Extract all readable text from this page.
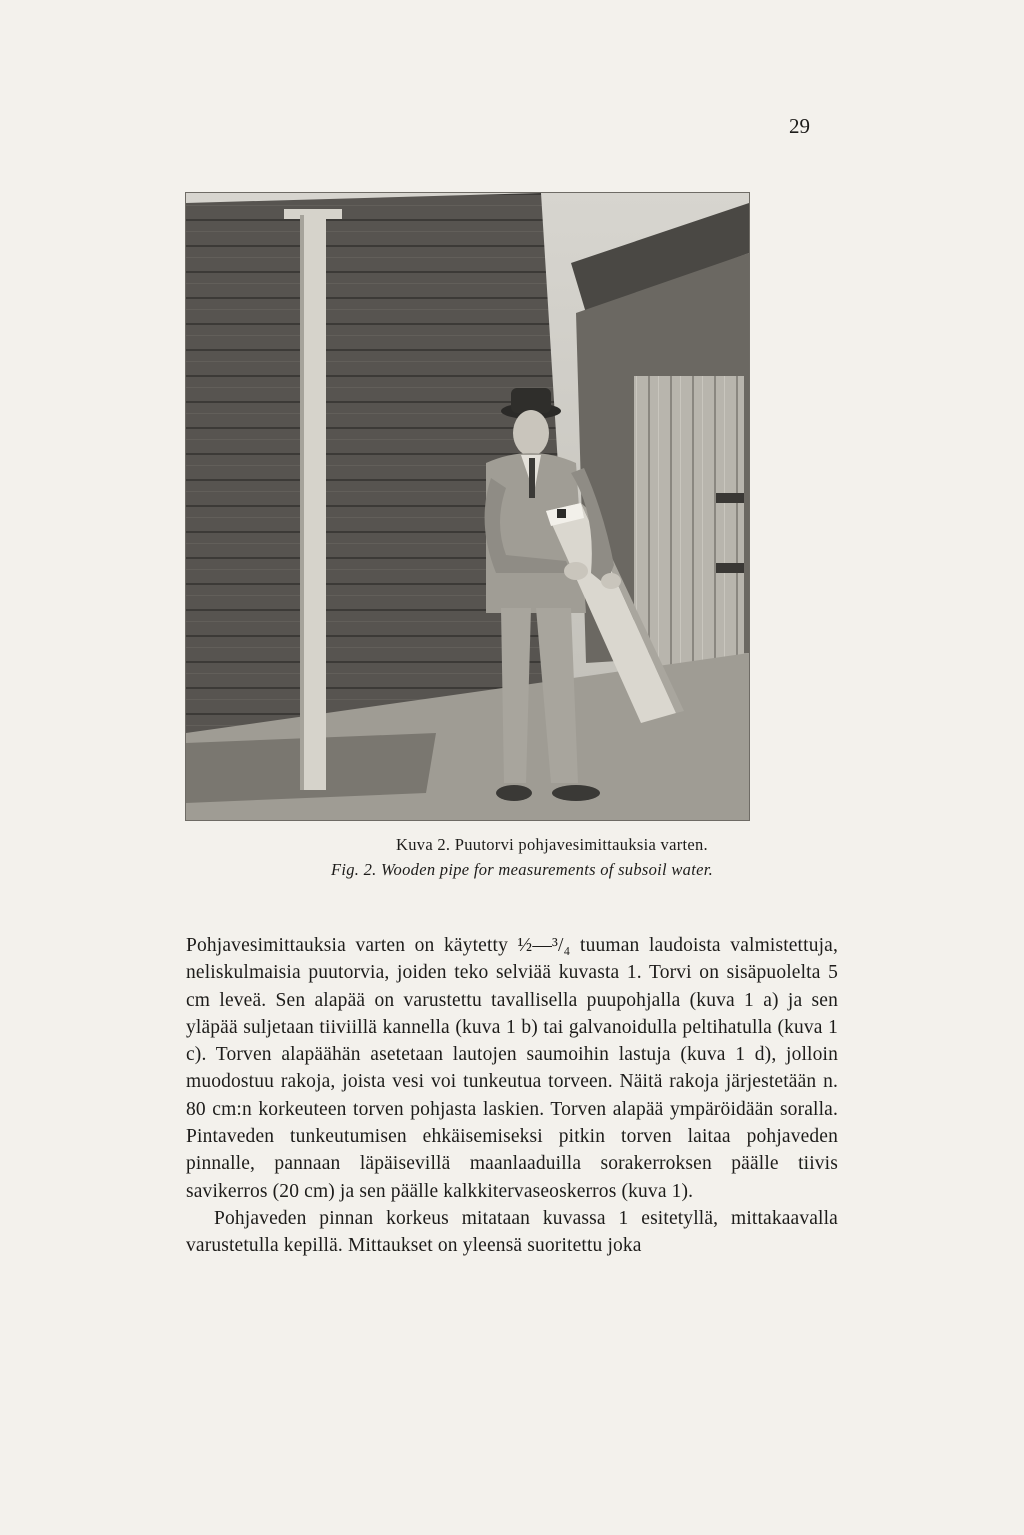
29
Kuva 2. Puutorvi pohjavesimittauksia varten.
Fig. 2. Wooden pipe for measurements of subsoil water.

Pohjavesimittauksia varten on käytetty ½—³/₄ tuuman laudoista valmistettuja, neliskulmaisia puutorvia, joiden teko selviää kuvasta 1. Torvi on sisäpuolelta 5 cm leveä. Sen alapää on varustettu tavallisella puupohjalla (kuva 1 a) ja sen yläpää suljetaan tiiviillä kannella (kuva 1 b) tai galvanoidulla peltihatulla (kuva 1 c). Torven alapäähän asetetaan lautojen saumoihin lastuja (kuva 1 d), jolloin muodostuu rakoja, joista vesi voi tunkeutua torveen. Näitä rakoja järjestetään n. 80 cm:n korkeuteen torven pohjasta laskien. Torven alapää ympäröidään soralla. Pintaveden tunkeutumisen ehkäisemiseksi pitkin torven laitaa pohjaveden pinnalle, pannaan läpäisevillä maanlaaduilla sorakerroksen päälle tiivis savikerros (20 cm) ja sen päälle kalkkitervaseoskerros (kuva 1).

Pohjaveden pinnan korkeus mitataan kuvassa 1 esitetyllä, mittakaavalla varustetulla kepillä. Mittaukset on yleensä suoritettu joka
